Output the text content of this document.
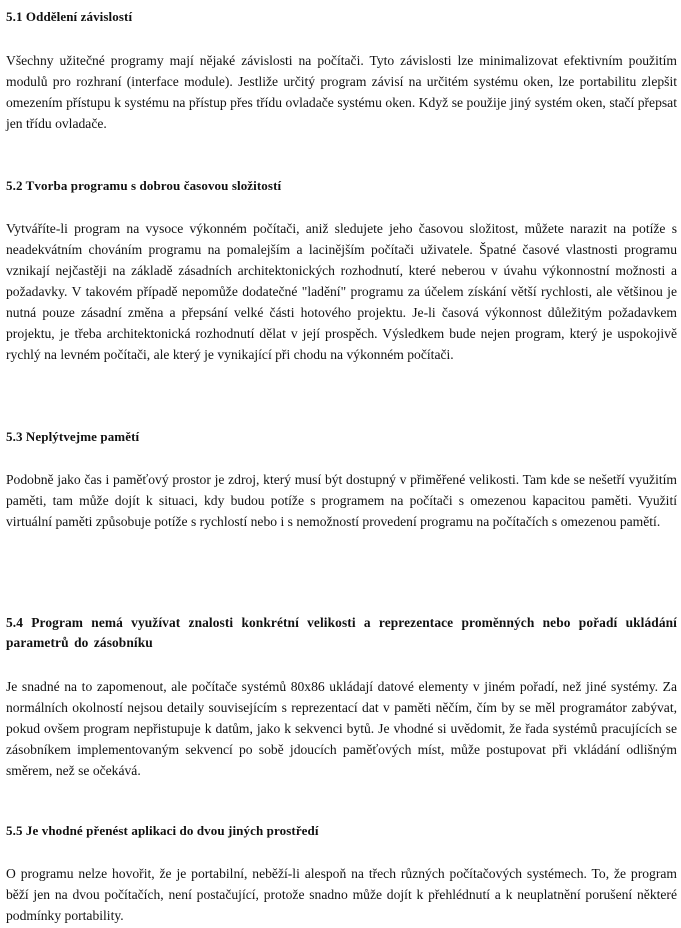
5.1 Oddělení závislostí

Všechny užitečné programy mají nějaké závislosti na počítači. Tyto závislosti lze minimalizovat efektivním použitím modulů pro rozhraní (interface module). Jestliže určitý program závisí na určitém systému oken, lze portabilitu zlepšit omezením přístupu k systému na přístup přes třídu ovladače systému oken. Když se použije jiný systém oken, stačí přepsat jen třídu ovladače.

5.2 Tvorba programu s dobrou časovou složitostí

Vytváříte-li program na vysoce výkonném počítači, aniž sledujete jeho časovou složitost, můžete narazit na potíže s neadekvátním chováním programu na pomalejším a lacinějším počítači uživatele. Špatné časové vlastnosti programu vznikají nejčastěji na základě zásadních architektonických rozhodnutí, které neberou v úvahu výkonnostní možnosti a požadavky. V takovém případě nepomůže dodatečné "ladění" programu za účelem získání větší rychlosti, ale většinou je nutná pouze zásadní změna a přepsání velké části hotového projektu. Je-li časová výkonnost důležitým požadavkem projektu, je třeba architektonická rozhodnutí dělat v její prospěch. Výsledkem bude nejen program, který je uspokojivě rychlý na levném počítači, ale který je vynikající při chodu na výkonném počítači.

5.3 Neplýtvejme pamětí

Podobně jako čas i paměťový prostor je zdroj, který musí být dostupný v přiměřené velikosti. Tam kde se nešetří využitím paměti, tam může dojít k situaci, kdy budou potíže s programem na počítači s omezenou kapacitou paměti. Využití virtuální paměti způsobuje potíže s rychlostí nebo i s nemožností provedení programu na počítačích s omezenou pamětí.

5.4 Program nemá využívat znalosti konkrétní velikosti a reprezentace proměnných nebo pořadí ukládání parametrů do zásobníku

Je snadné na to zapomenout, ale počítače systémů 80x86 ukládají datové elementy v jiném pořadí, než jiné systémy. Za normálních okolností nejsou detaily souvisejícím s reprezentací dat v paměti něčím, čím by se měl programátor zabývat, pokud ovšem program nepřistupuje k datům, jako k sekvenci bytů. Je vhodné si uvědomit, že řada systémů pracujících se zásobníkem implementovaným sekvencí po sobě jdoucích paměťových míst, může postupovat při vkládání odlišným směrem, než se očekává.

5.5 Je vhodné přenést aplikaci do dvou jiných prostředí

O programu nelze hovořit, že je portabilní, neběží-li alespoň na třech různých počítačových systémech. To, že program běží jen na dvou počítačích, není postačující, protože snadno může dojít k přehlédnutí a k neuplatnění porušení některé podmínky portability.
